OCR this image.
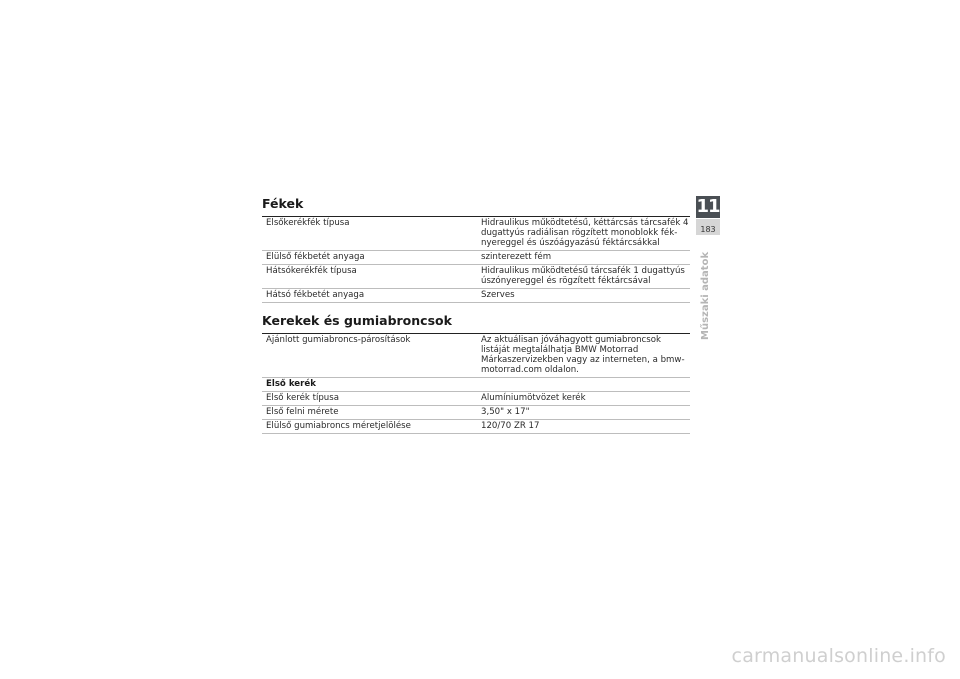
Fékek
Elsőkerékfék típusa	Hidraulikus működtetésű, kéttárcsás tárcsafék 4 dugattyús radiálisan rögzített monoblokk fék-nyereggel és úszóágyazású féktárcsákkal
Elülső fékbetét anyaga	szinterezett fém
Hátsókerékfék típusa	Hidraulikus működtetésű tárcsafék 1 dugattyús úszónyereggel és rögzített féktárcsával
Hátsó fékbetét anyaga	Szerves
Kerekek és gumiabroncsok
Ajánlott gumiabroncs-párosítások	Az aktuálisan jóváhagyott gumiabroncsok listáját megtalálhatja BMW Motorrad Márkaszervizekben vagy az interneten, a bmw-motorrad.com oldalon.
Első kerék	
Első kerék típusa	Alumíniumötvözet kerék
Első felni mérete	3,50" x 17"
Elülső gumiabroncs méretjelölése	120/70 ZR 17
11
183
Műszaki adatok
carmanualsonline.info
